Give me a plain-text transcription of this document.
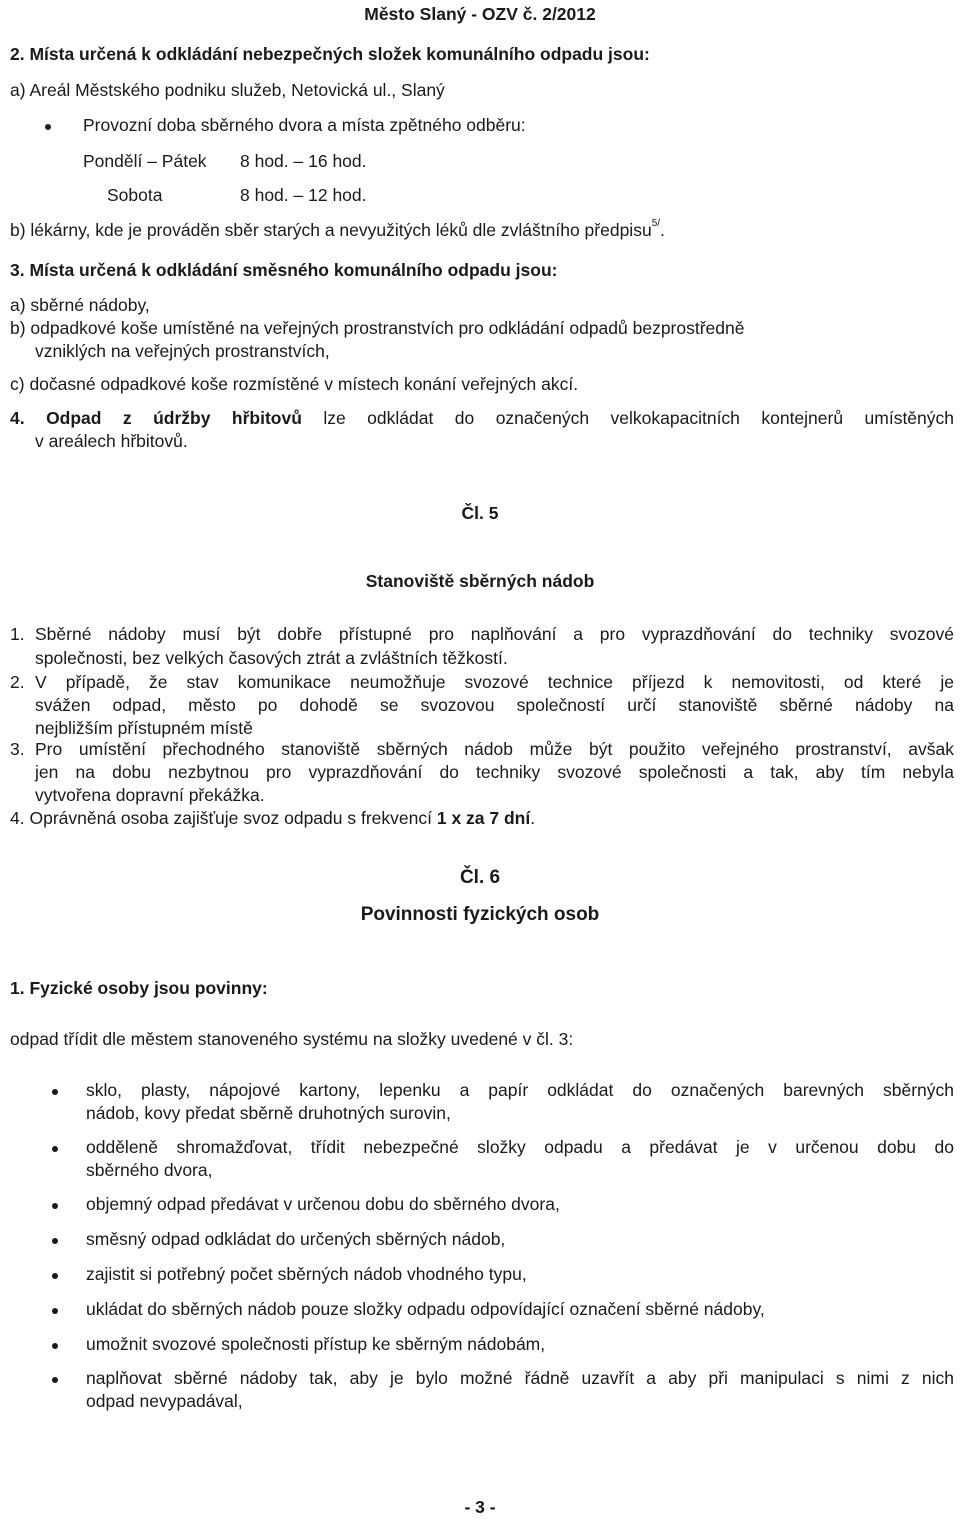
Město Slaný - OZV č. 2/2012
2. Místa určená k odkládání nebezpečných složek komunálního odpadu jsou:
a) Areál Městského podniku služeb, Netovická ul., Slaný
Provozní doba sběrného dvora a místa zpětného odběru:
Pondělí – Pátek 8 hod. – 16 hod.
Sobota	8 hod. – 12 hod.
b) lékárny, kde je prováděn sběr starých a nevyužitých léků dle zvláštního předpisu$^{5/}$.
3. Místa určená k odkládání směsného komunálního odpadu jsou:
a) sběrné nádoby,
b) odpadkové koše umístěné na veřejných prostranstvích pro odkládání odpadů bezprostředně
vzniklých na veřejných prostranstvích,
c) dočasné odpadkové koše rozmístěné v místech konání veřejných akcí.
4. Odpad z údržby hřbitovů lze odkládat do označených velkokapacitních kontejnerů umístěných
v areálech hřbitovů.
Čl. 5
Stanoviště sběrných nádob
1. Sběrné nádoby musí být dobře přístupné pro naplňování a pro vyprazdňování do techniky svozové
společnosti, bez velkých časových ztrát a zvláštních těžkostí.
2. V případě, že stav komunikace neumožňuje svozové technice příjezd k nemovitosti, od které je
svážen odpad, město po dohodě se svozovou společností určí stanoviště sběrné nádoby na
nejbližším přístupném místě
3. Pro umístění přechodného stanoviště sběrných nádob může být použito veřejného prostranství, avšak
jen na dobu nezbytnou pro vyprazdňování do techniky svozové společnosti a tak, aby tím nebyla
vytvořena dopravní překážka.
4. Oprávněná osoba zajišťuje svoz odpadu s frekvencí 1 x za 7 dní.
Čl. 6
Povinnosti fyzických osob
1. Fyzické osoby jsou povinny:
odpad třídit dle městem stanoveného systému na složky uvedené v čl. 3:
sklo, plasty, nápojové kartony, lepenku a papír odkládat do označených barevných sběrných
nádob, kovy předat sběrně druhotných surovin,
odděleně shromažďovat, třídit nebezpečné složky odpadu a předávat je v určenou dobu do
sběrného dvora,
objemný odpad předávat v určenou dobu do sběrného dvora,
směsný odpad odkládat do určených sběrných nádob,
zajistit si potřebný počet sběrných nádob vhodného typu,
ukládat do sběrných nádob pouze složky odpadu odpovídající označení sběrné nádoby,
umožnit svozové společnosti přístup ke sběrným nádobám,
naplňovat sběrné nádoby tak, aby je bylo možné řádně uzavřít a aby při manipulaci s nimi z nich
odpad nevypadával,
- 3 -
